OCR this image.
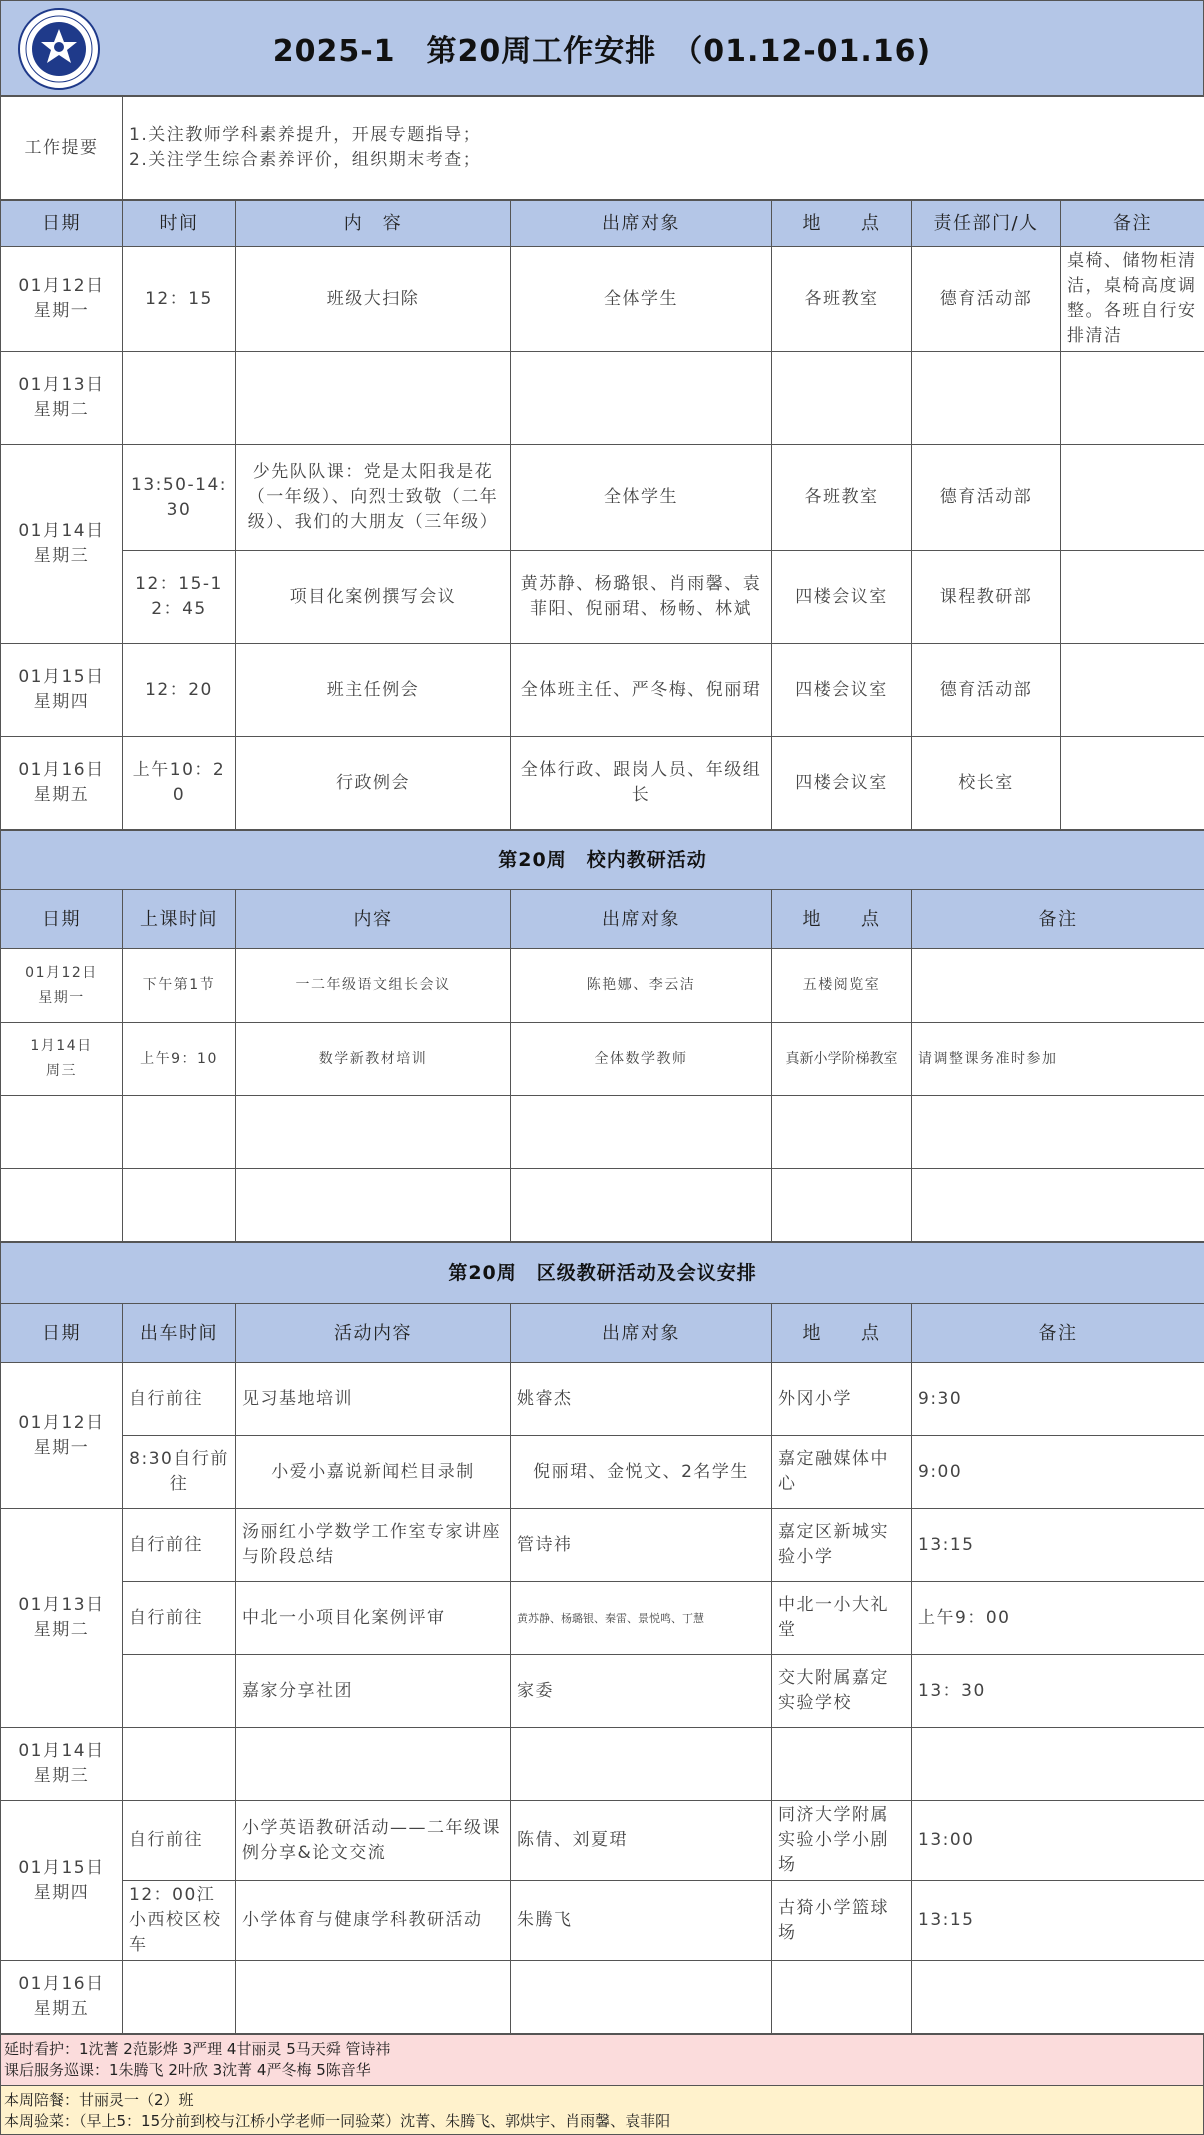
2025-1　第20周工作安排　（01.12-01.16)
工作提要	
1.关注教师学科素养提升，开展专题指导；
2.关注学生综合素养评价，组织期末考查；
日期	时间	内　容	出席对象	地　　点	责任部门/人	备注

01月12日
星期一	12：15	班级大扫除	全体学生	各班教室	德育活动部	桌椅、储物柜清洁，桌椅高度调整。各班自行安排清洁

01月13日
星期二						

01月14日
星期三	13:50-14:30	少先队队课：党是太阳我是花（一年级）、向烈士致敬（二年级）、我们的大朋友（三年级）	全体学生	各班教室	德育活动部	
	12：15-12：45	项目化案例撰写会议	黄苏静、杨璐银、肖雨馨、袁菲阳、倪丽珺、杨畅、林斌	四楼会议室	课程教研部	

01月15日
星期四	12：20	班主任例会	全体班主任、严冬梅、倪丽珺	四楼会议室	德育活动部	

01月16日
星期五	上午10：20	行政例会	全体行政、跟岗人员、年级组长	四楼会议室	校长室	
第20周　校内教研活动					
日期	上课时间	内容	出席对象	地　　点	备注

01月12日
星期一	下午第1节	一二年级语文组长会议	陈艳娜、李云洁	五楼阅览室	

1月14日
周三	上午9：10	数学新教材培训	全体数学教师	真新小学阶梯教室	请调整课务准时参加

第20周　区级教研活动及会议安排					
日期	出车时间	活动内容	出席对象	地　　点	备注

01月12日
星期一	自行前往	见习基地培训	姚睿杰	外冈小学	9:30
	8:30自行前往	小爱小嘉说新闻栏目录制	倪丽珺、金悦文、2名学生	嘉定融媒体中心	9:00

01月13日
星期二	自行前往	汤丽红小学数学工作室专家讲座与阶段总结	管诗祎	嘉定区新城实验小学	13:15
	自行前往	中北一小项目化案例评审	黄苏静、杨璐银、秦雷、景悦鸣、丁慧	中北一小大礼堂	上午9：00
		嘉家分享社团	家委	交大附属嘉定实验学校	13：30

01月14日
星期三					

01月15日
星期四	自行前往	小学英语教研活动——二年级课例分享&论文交流	陈倩、刘夏珺	同济大学附属实验小学小剧场	13:00
	12：00江小西校区校车	小学体育与健康学科教研活动	朱腾飞	古猗小学篮球场	13:15

01月16日
星期五					

延时看护：1沈蓍 2范影烨 3严理 4甘丽灵 5马天舜 管诗祎
课后服务巡课：1朱腾飞 2叶欣 3沈菁 4严冬梅 5陈音华
本周陪餐：甘丽灵一（2）班
本周验菜：（早上5：15分前到校与江桥小学老师一同验菜）沈菁、朱腾飞、郭烘宇、肖雨馨、袁菲阳
